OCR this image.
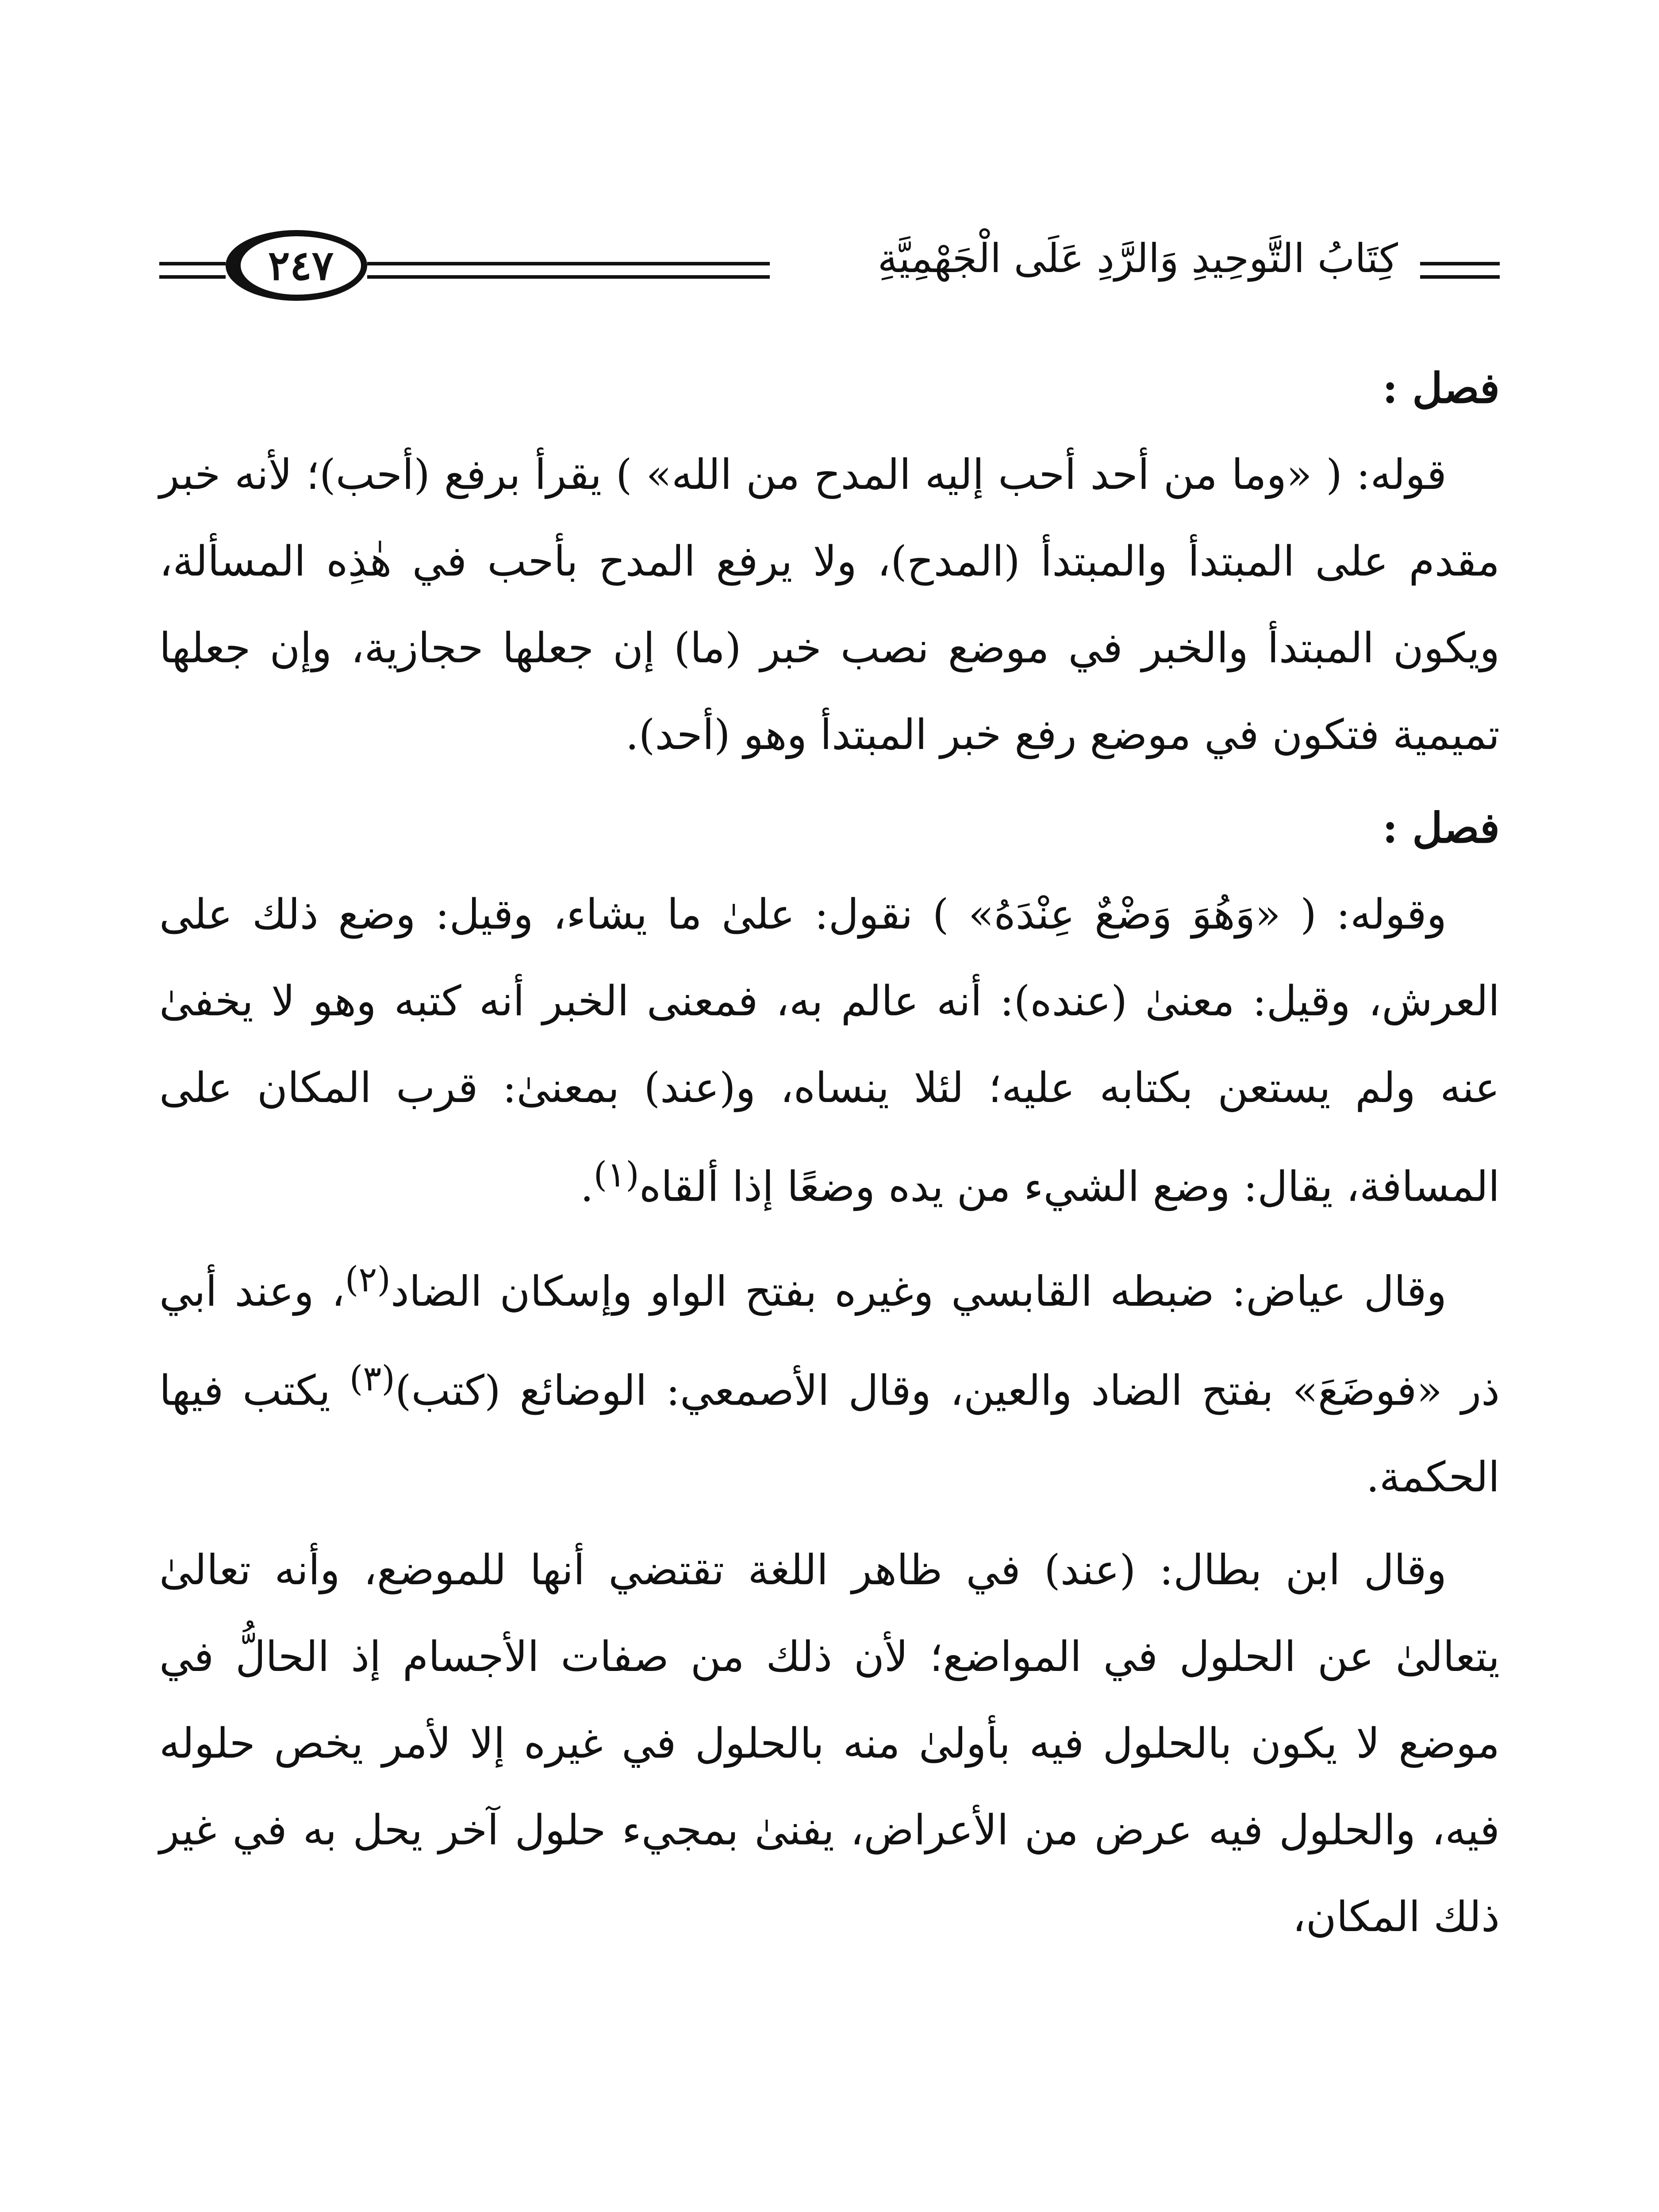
كِتَابُ التَّوحِيدِ وَالرَّدِ عَلَى الْجَهْمِيَّةِ
٢٤٧

فصل :

قوله: ( «وما من أحد أحب إليه المدح من الله» ) يقرأ برفع (أحب)؛ لأنه خبر مقدم على المبتدأ والمبتدأ (المدح)، ولا يرفع المدح بأحب في هٰذِه المسألة، ويكون المبتدأ والخبر في موضع نصب خبر (ما) إن جعلها حجازية، وإن جعلها تميمية فتكون في موضع رفع خبر المبتدأ وهو (أحد).

فصل :

وقوله: ( «وَهُوَ وَضْعٌ عِنْدَهُ» ) نقول: علىٰ ما يشاء، وقيل: وضع ذلك على العرش، وقيل: معنىٰ (عنده): أنه عالم به، فمعنى الخبر أنه كتبه وهو لا يخفىٰ عنه ولم يستعن بكتابه عليه؛ لئلا ينساه، و(عند) بمعنىٰ: قرب المكان على المسافة، يقال: وضع الشيء من يده وضعًا إذا ألقاه$^{(١)}$.

وقال عياض: ضبطه القابسي وغيره بفتح الواو وإسكان الضاد$^{(٢)}$، وعند أبي ذر «فوضَعَ» بفتح الضاد والعين، وقال الأصمعي: الوضائع (كتب)$^{(٣)}$ يكتب فيها الحكمة.

وقال ابن بطال: (عند) في ظاهر اللغة تقتضي أنها للموضع، وأنه تعالىٰ يتعالىٰ عن الحلول في المواضع؛ لأن ذلك من صفات الأجسام إذ الحالُّ في موضع لا يكون بالحلول فيه بأولىٰ منه بالحلول في غيره إلا لأمر يخص حلوله فيه، والحلول فيه عرض من الأعراض، يفنىٰ بمجيء حلول آخر يحل به في غير ذلك المكان،
